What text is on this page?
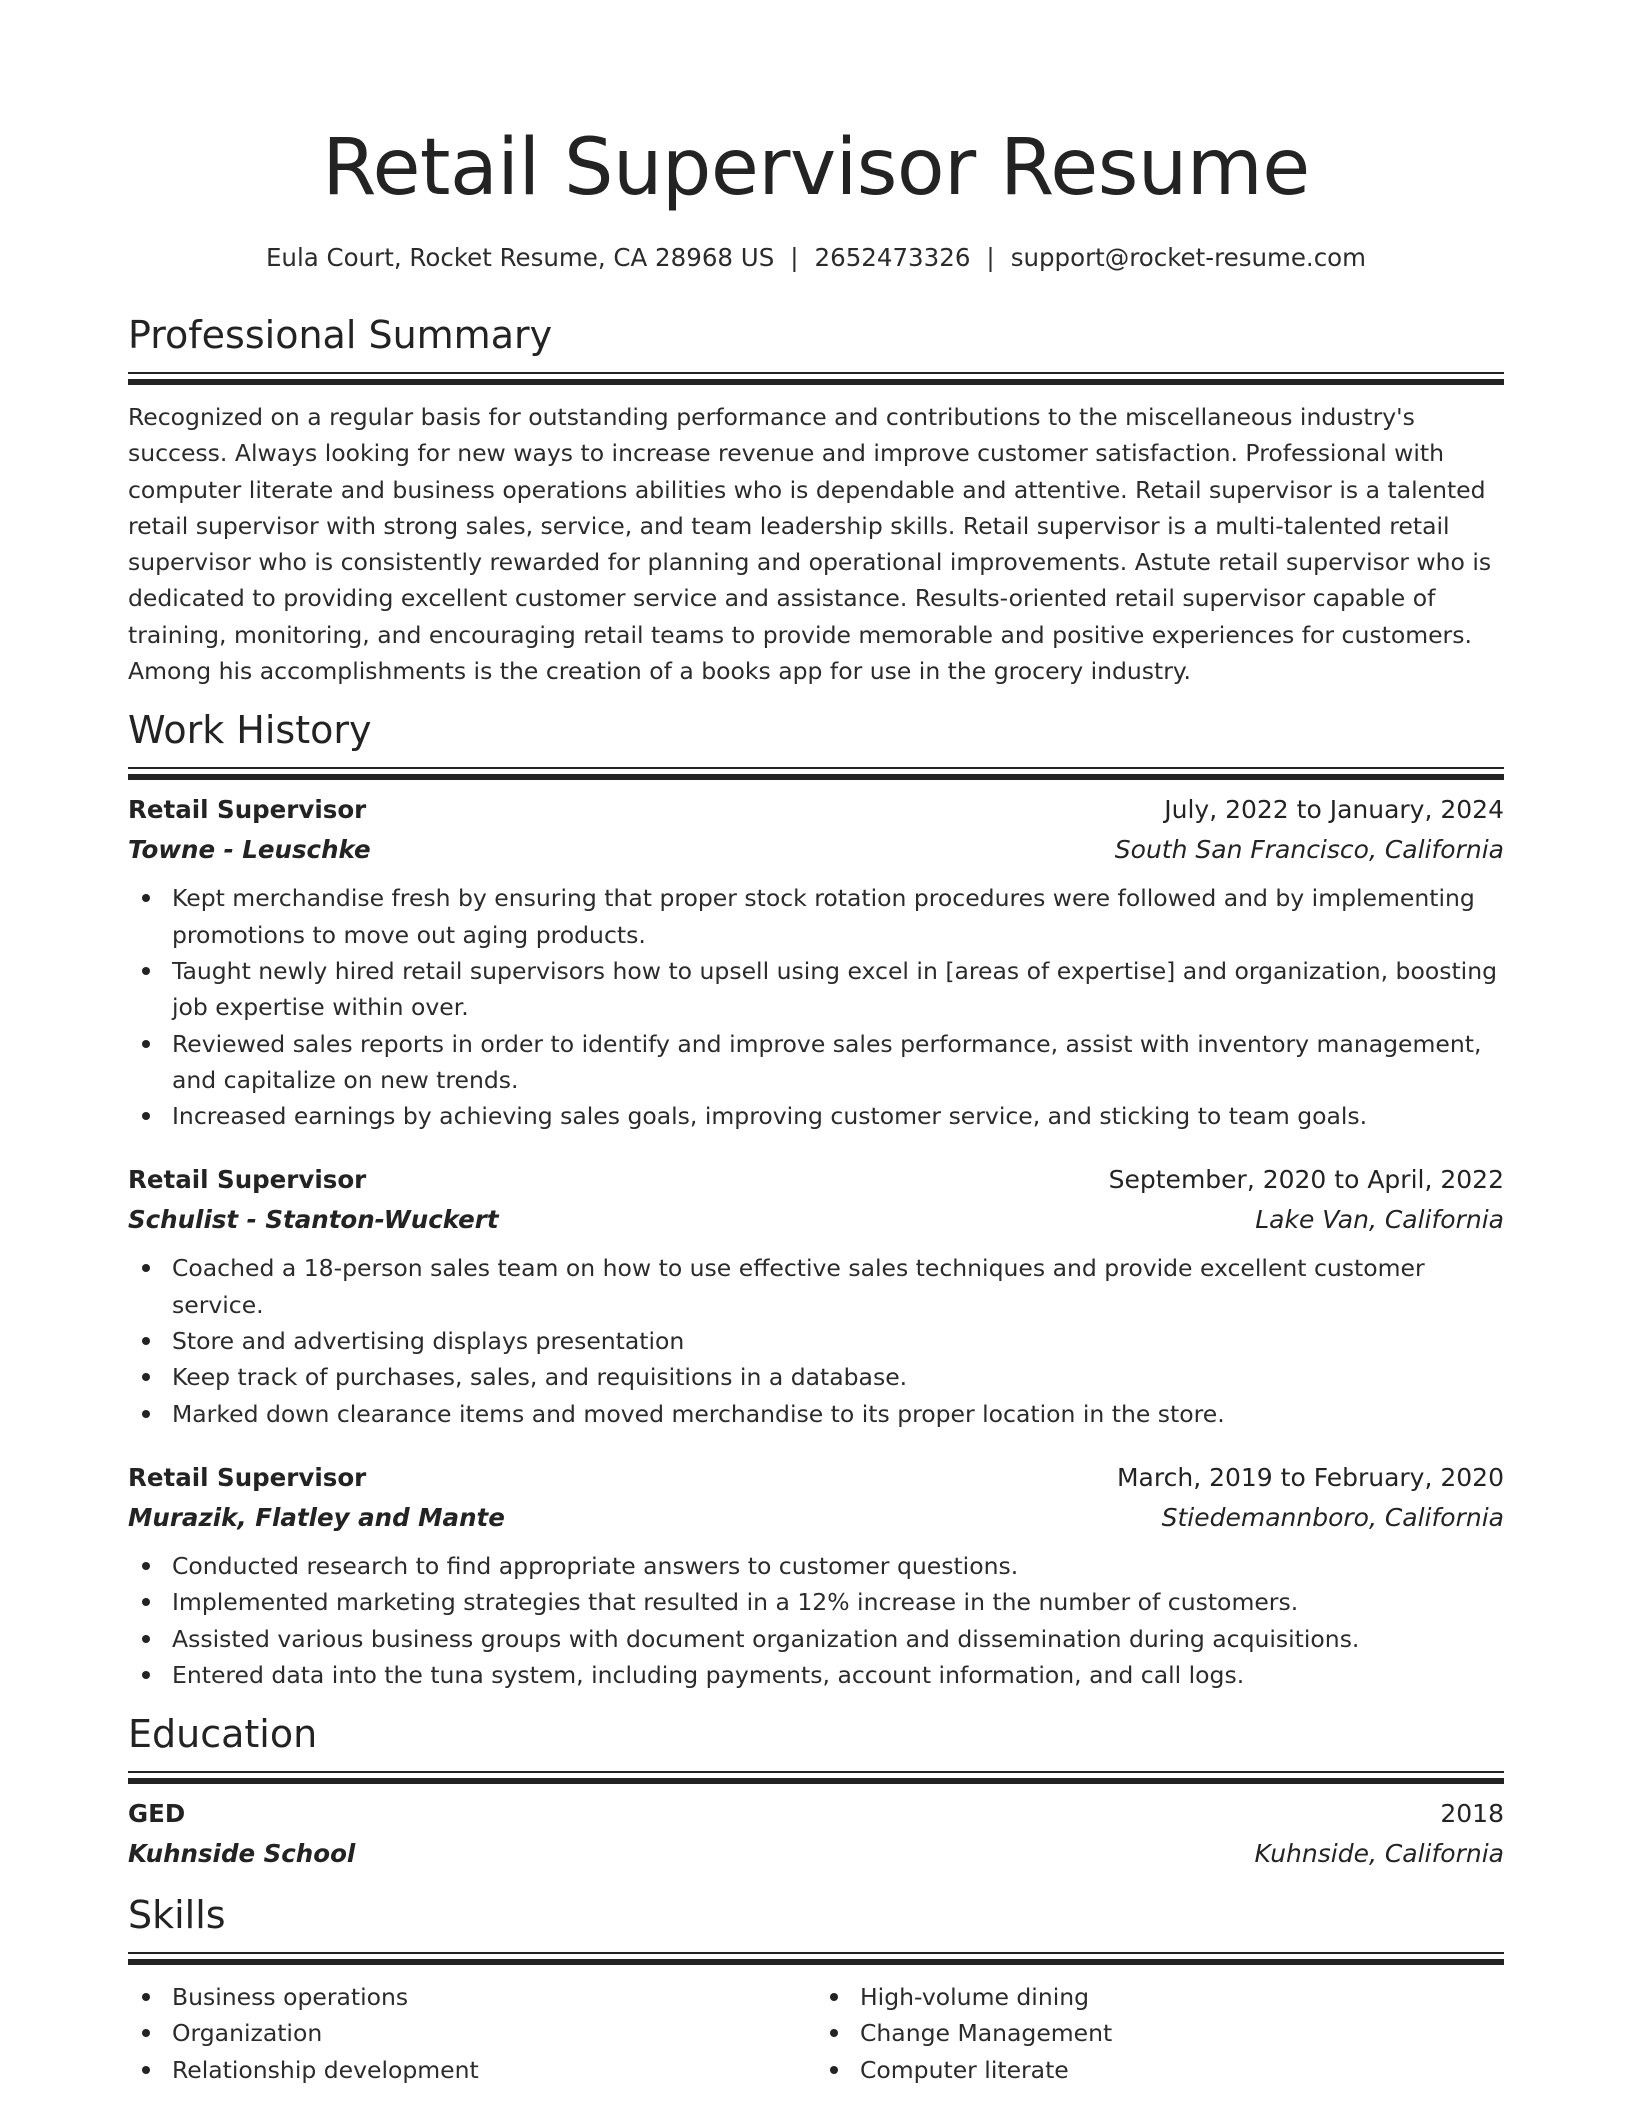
Retail Supervisor Resume
Eula Court, Rocket Resume, CA 28968 US | 2652473326 | support@rocket-resume.com
Professional Summary
Recognized on a regular basis for outstanding performance and contributions to the miscellaneous industry's success. Always looking for new ways to increase revenue and improve customer satisfaction. Professional with computer literate and business operations abilities who is dependable and attentive. Retail supervisor is a talented retail supervisor with strong sales, service, and team leadership skills. Retail supervisor is a multi-talented retail supervisor who is consistently rewarded for planning and operational improvements. Astute retail supervisor who is dedicated to providing excellent customer service and assistance. Results-oriented retail supervisor capable of training, monitoring, and encouraging retail teams to provide memorable and positive experiences for customers. Among his accomplishments is the creation of a books app for use in the grocery industry.
Work History
Retail Supervisor	July, 2022 to January, 2024
Towne - Leuschke	South San Francisco, California
Kept merchandise fresh by ensuring that proper stock rotation procedures were followed and by implementing promotions to move out aging products.
Taught newly hired retail supervisors how to upsell using excel in [areas of expertise] and organization, boosting job expertise within over.
Reviewed sales reports in order to identify and improve sales performance, assist with inventory management, and capitalize on new trends.
Increased earnings by achieving sales goals, improving customer service, and sticking to team goals.
Retail Supervisor	September, 2020 to April, 2022
Schulist - Stanton-Wuckert	Lake Van, California
Coached a 18-person sales team on how to use effective sales techniques and provide excellent customer service.
Store and advertising displays presentation
Keep track of purchases, sales, and requisitions in a database.
Marked down clearance items and moved merchandise to its proper location in the store.
Retail Supervisor	March, 2019 to February, 2020
Murazik, Flatley and Mante	Stiedemannboro, California
Conducted research to find appropriate answers to customer questions.
Implemented marketing strategies that resulted in a 12% increase in the number of customers.
Assisted various business groups with document organization and dissemination during acquisitions.
Entered data into the tuna system, including payments, account information, and call logs.
Education
GED	2018
Kuhnside School	Kuhnside, California
Skills
Business operations
Organization
Relationship development
High-volume dining
Change Management
Computer literate
